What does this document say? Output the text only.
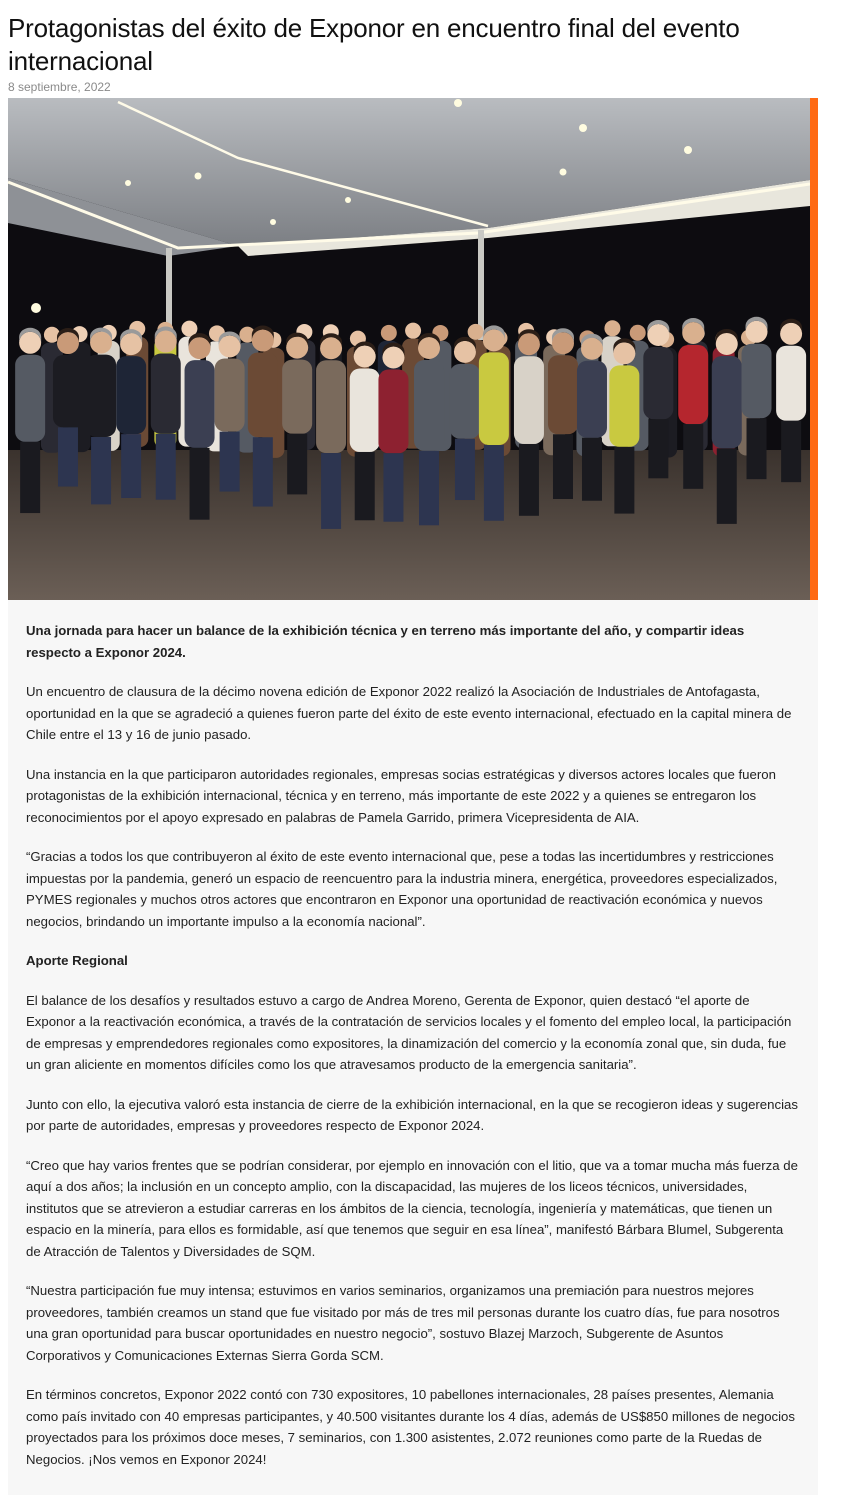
Protagonistas del éxito de Exponor en encuentro final del evento internacional
8 septiembre, 2022

Una jornada para hacer un balance de la exhibición técnica y en terreno más importante del año, y compartir ideas respecto a Exponor 2024.

Un encuentro de clausura de la décimo novena edición de Exponor 2022 realizó la Asociación de Industriales de Antofagasta, oportunidad en la que se agradeció a quienes fueron parte del éxito de este evento internacional, efectuado en la capital minera de Chile entre el 13 y 16 de junio pasado.

Una instancia en la que participaron autoridades regionales, empresas socias estratégicas y diversos actores locales que fueron protagonistas de la exhibición internacional, técnica y en terreno, más importante de este 2022 y a quienes se entregaron los reconocimientos por el apoyo expresado en palabras de Pamela Garrido, primera Vicepresidenta de AIA.

“Gracias a todos los que contribuyeron al éxito de este evento internacional que, pese a todas las incertidumbres y restricciones impuestas por la pandemia, generó un espacio de reencuentro para la industria minera, energética, proveedores especializados, PYMES regionales y muchos otros actores que encontraron en Exponor una oportunidad de reactivación económica y nuevos negocios, brindando un importante impulso a la economía nacional”.

Aporte Regional

El balance de los desafíos y resultados estuvo a cargo de Andrea Moreno, Gerenta de Exponor, quien destacó “el aporte de Exponor a la reactivación económica, a través de la contratación de servicios locales y el fomento del empleo local, la participación de empresas y emprendedores regionales como expositores, la dinamización del comercio y la economía zonal que, sin duda, fue un gran aliciente en momentos difíciles como los que atravesamos producto de la emergencia sanitaria”.

Junto con ello, la ejecutiva valoró esta instancia de cierre de la exhibición internacional, en la que se recogieron ideas y sugerencias por parte de autoridades, empresas y proveedores respecto de Exponor 2024.

“Creo que hay varios frentes que se podrían considerar, por ejemplo en innovación con el litio, que va a tomar mucha más fuerza de aquí a dos años; la inclusión en un concepto amplio, con la discapacidad, las mujeres de los liceos técnicos, universidades, institutos que se atrevieron a estudiar carreras en los ámbitos de la ciencia, tecnología, ingeniería y matemáticas, que tienen un espacio en la minería, para ellos es formidable, así que tenemos que seguir en esa línea”, manifestó Bárbara Blumel, Subgerenta de Atracción de Talentos y Diversidades de SQM.

“Nuestra participación fue muy intensa; estuvimos en varios seminarios, organizamos una premiación para nuestros mejores proveedores, también creamos un stand que fue visitado por más de tres mil personas durante los cuatro días, fue para nosotros una gran oportunidad para buscar oportunidades en nuestro negocio”, sostuvo Blazej Marzoch, Subgerente de Asuntos Corporativos y Comunicaciones Externas Sierra Gorda SCM.

En términos concretos, Exponor 2022 contó con 730 expositores, 10 pabellones internacionales, 28 países presentes, Alemania como país invitado con 40 empresas participantes, y 40.500 visitantes durante los 4 días, además de US$850 millones de negocios proyectados para los próximos doce meses, 7 seminarios, con 1.300 asistentes, 2.072 reuniones como parte de la Ruedas de Negocios. ¡Nos vemos en Exponor 2024!
